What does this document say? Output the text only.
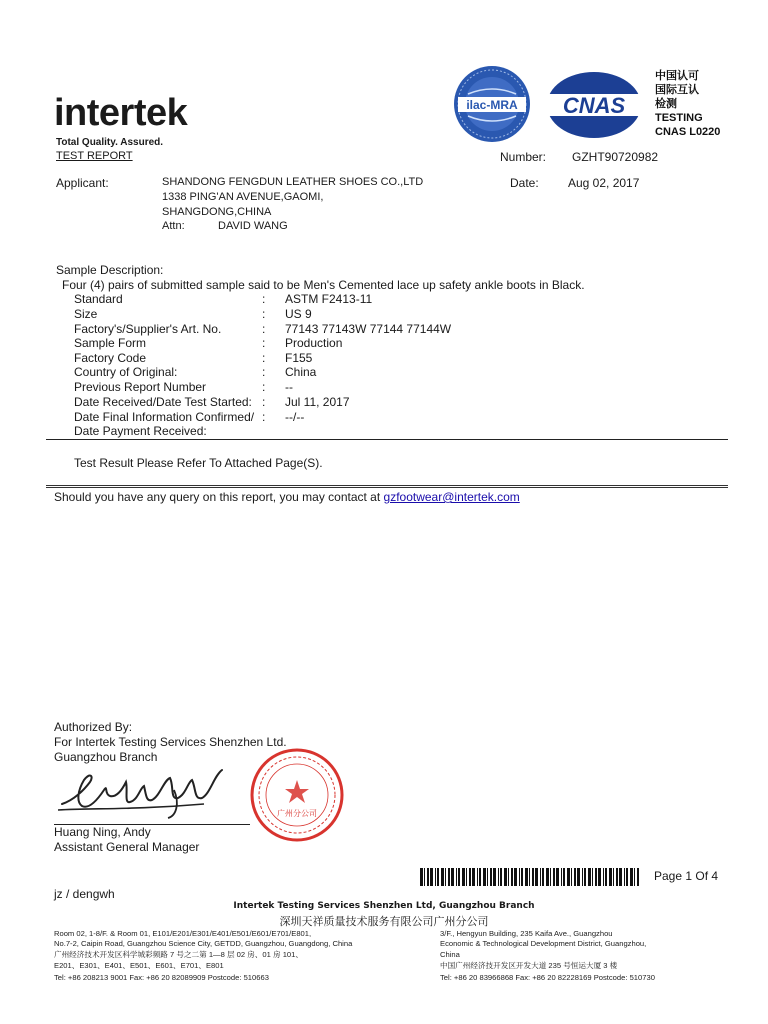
intertek
Total Quality. Assured.
TEST REPORT
ilac-MRA CNAS
中国认可
国际互认
检测
TESTING
CNAS L0220
Number: GZHT90720982
Applicant:	SHANDONG FENGDUN LEATHER SHOES CO.,LTD
1338 PING'AN AVENUE,GAOMI,
SHANGDONG,CHINA
Attn:	DAVID WANG
Date: Aug 02, 2017
Sample Description:
Four (4) pairs of submitted sample said to be Men's Cemented lace up safety ankle boots in Black.
Standard	: ASTM F2413-11
Size	: US 9
Factory's/Supplier's Art. No.	: 77143 77143W 77144 77144W
Sample Form	: Production
Factory Code	: F155
Country of Original:	: China
Previous Report Number	: --
Date Received/Date Test Started: : Jul 11, 2017
Date Final Information Confirmed/ : --/--
Date Payment Received:
Test Result Please Refer To Attached Page(S).
Should you have any query on this report, you may contact at gzfootwear@intertek.com
Authorized By:
For Intertek Testing Services Shenzhen Ltd.
Guangzhou Branch
广州分公司
Huang Ning, Andy
Assistant General Manager
Page 1 Of 4
jz / dengwh
Intertek Testing Services Shenzhen Ltd, Guangzhou Branch
深圳天祥质量技术服务有限公司广州分公司
Room 02, 1-8/F. & Room 01, E101/E201/E301/E401/E501/E601/E701/E801,
No.7-2, Caipin Road, Guangzhou Science City, GETDD, Guangzhou, Guangdong, China
广州经济技术开发区科学城彩频路 7 号之二第 1—8 层 02 房、01 房 101、
E201、E301、E401、E501、E601、E701、E801
Tel: +86 208213 9001 Fax: +86 20 82089909 Postcode: 510663
3/F., Hengyun Building, 235 Kaifa Ave., Guangzhou
Economic & Technological Development District, Guangzhou,
China
中国广州经济技开发区开发大道 235 号恒运大厦 3 楼
Tel: +86 20 83966868 Fax: +86 20 82228169 Postcode: 510730
